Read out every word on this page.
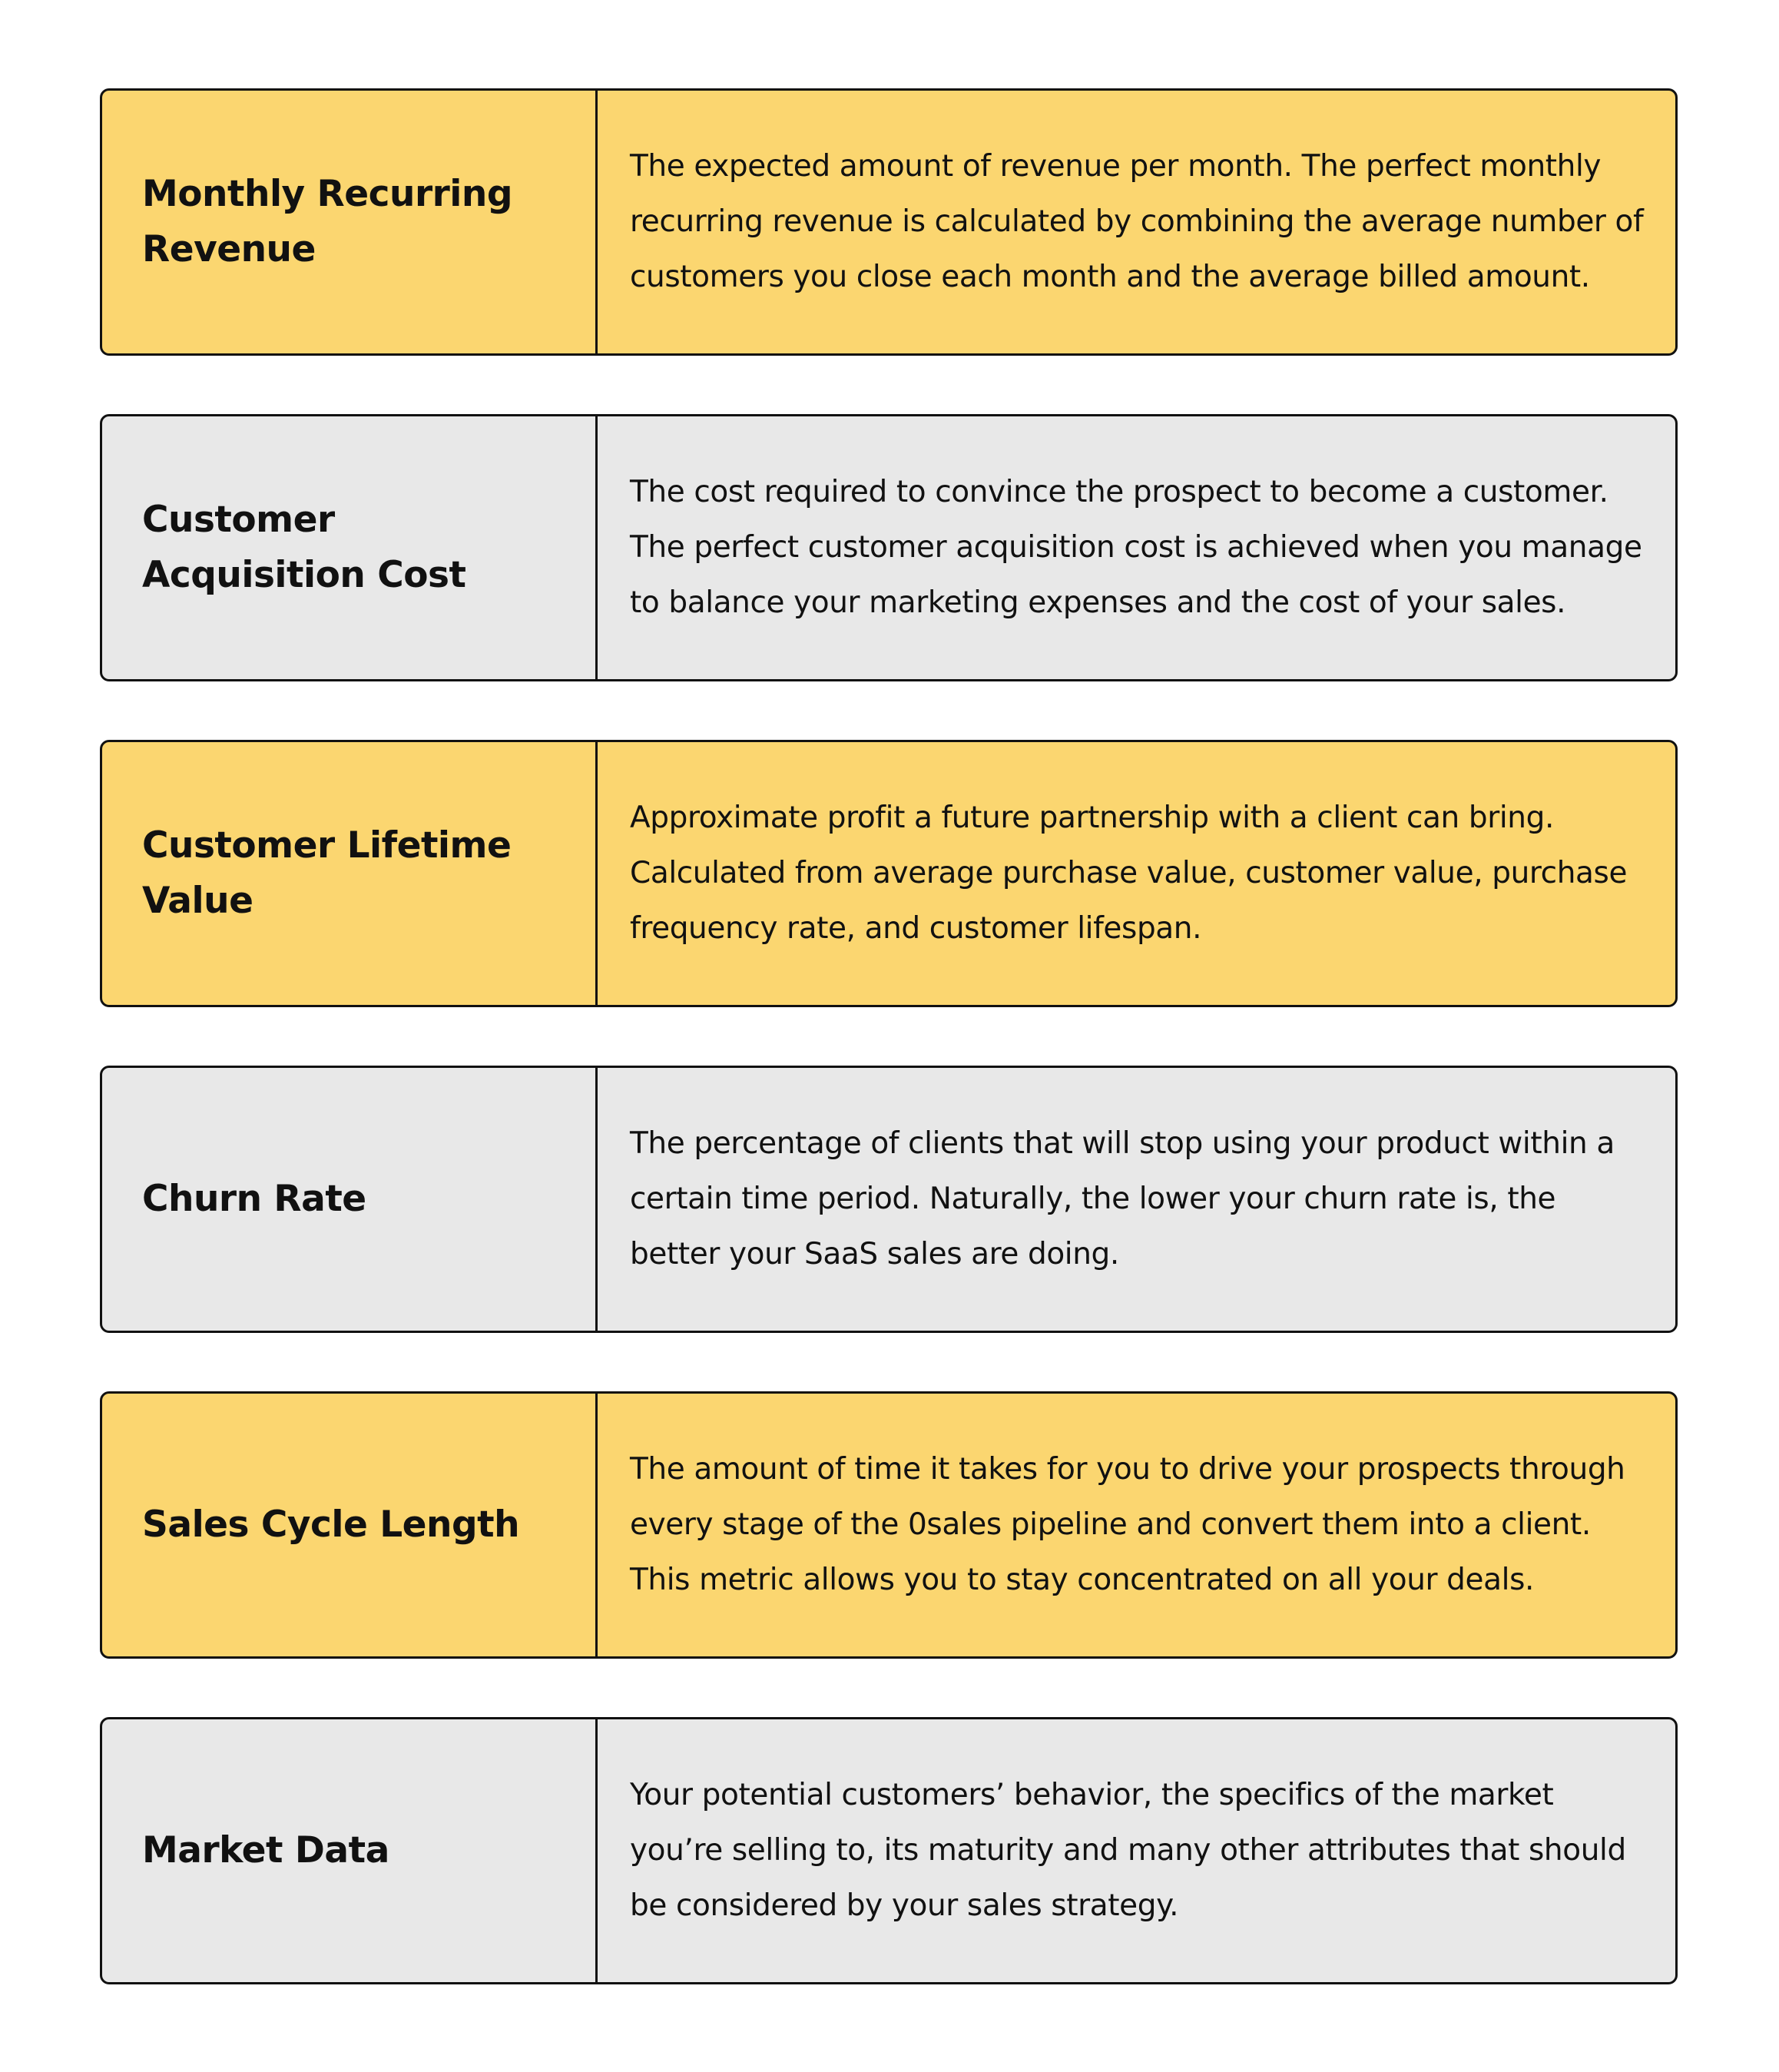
Monthly Recurring Revenue
The expected amount of revenue per month. The perfect monthly recurring revenue is calculated by combining the average number of customers you close each month and the average billed amount.
Customer Acquisition Cost
The cost required to convince the prospect to become a customer. The perfect customer acquisition cost is achieved when you manage to balance your marketing expenses and the cost of your sales.
Customer Lifetime Value
Approximate profit a future partnership with a client can bring. Calculated from average purchase value, customer value, purchase frequency rate, and customer lifespan.
Churn Rate
The percentage of clients that will stop using your product within a certain time period. Naturally, the lower your churn rate is, the better your SaaS sales are doing.
Sales Cycle Length
The amount of time it takes for you to drive your prospects through every stage of the 0sales pipeline and convert them into a client. This metric allows you to stay concentrated on all your deals.
Market Data
Your potential customers’ behavior, the specifics of the market you’re selling to, its maturity and many other attributes that should be considered by your sales strategy.
